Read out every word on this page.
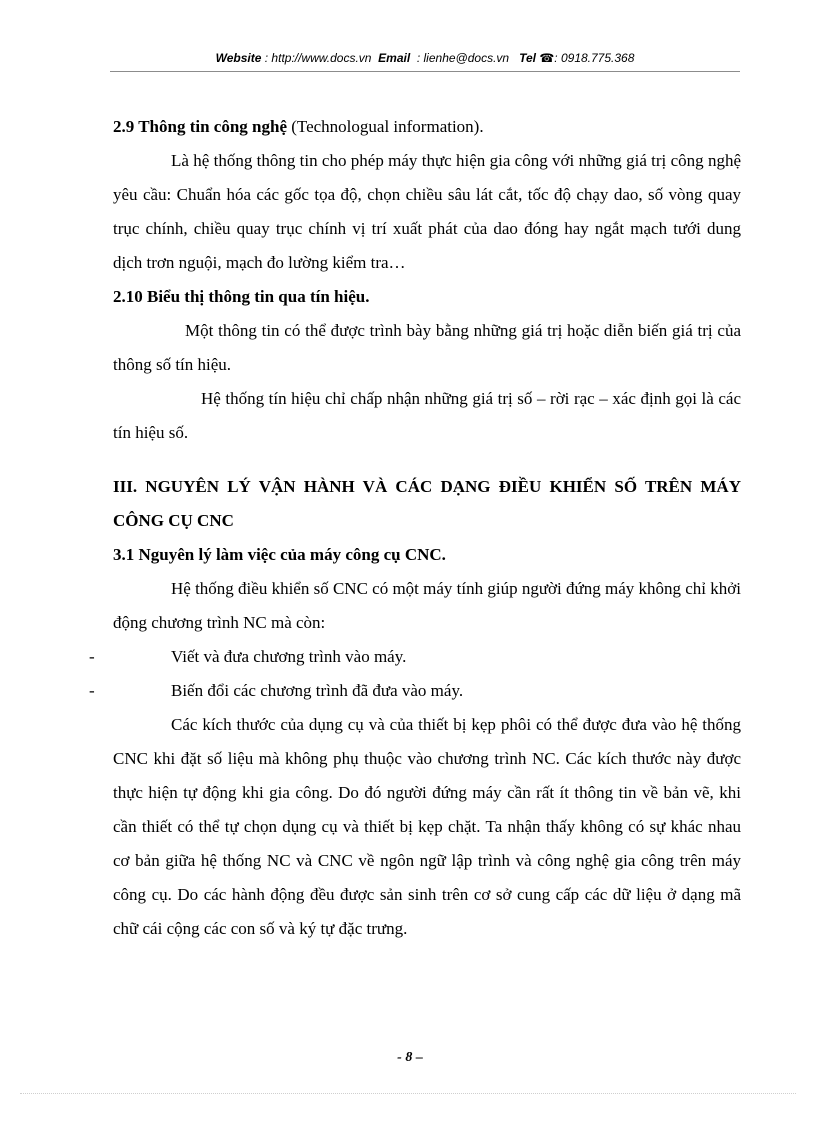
Website : http://www.docs.vn Email : lienhe@docs.vn Tel ☎: 0918.775.368

2.9 Thông tin công nghệ (Technologual information).

Là hệ thống thông tin cho phép máy thực hiện gia công với những giá trị công nghệ yêu cầu: Chuẩn hóa các gốc tọa độ, chọn chiều sâu lát cắt, tốc độ chạy dao, số vòng quay trục chính, chiều quay trục chính vị trí xuất phát của dao đóng hay ngắt mạch tưới dung dịch trơn nguội, mạch đo lường kiểm tra…

2.10 Biểu thị thông tin qua tín hiệu.

Một thông tin có thể được trình bày bằng những giá trị hoặc diễn biến giá trị của thông số tín hiệu.

Hệ thống tín hiệu chỉ chấp nhận những giá trị số – rời rạc – xác định gọi là các tín hiệu số.

III. NGUYÊN LÝ VẬN HÀNH VÀ CÁC DẠNG ĐIỀU KHIỂN SỐ TRÊN MÁY CÔNG CỤ CNC

3.1 Nguyên lý làm việc của máy công cụ CNC.

Hệ thống điều khiển số CNC có một máy tính giúp người đứng máy không chỉ khởi động chương trình NC mà còn:

-	Viết và đưa chương trình vào máy.

-	Biến đổi các chương trình đã đưa vào máy.

Các kích thước của dụng cụ và của thiết bị kẹp phôi có thể được đưa vào hệ thống CNC khi đặt số liệu mà không phụ thuộc vào chương trình NC. Các kích thước này được thực hiện tự động khi gia công. Do đó người đứng máy cần rất ít thông tin về bản vẽ, khi cần thiết có thể tự chọn dụng cụ và thiết bị kẹp chặt. Ta nhận thấy không có sự khác nhau cơ bản giữa hệ thống NC và CNC về ngôn ngữ lập trình và công nghệ gia công trên máy công cụ. Do các hành động đều được sản sinh trên cơ sở cung cấp các dữ liệu ở dạng mã chữ cái cộng các con số và ký tự đặc trưng.

- 8 –
